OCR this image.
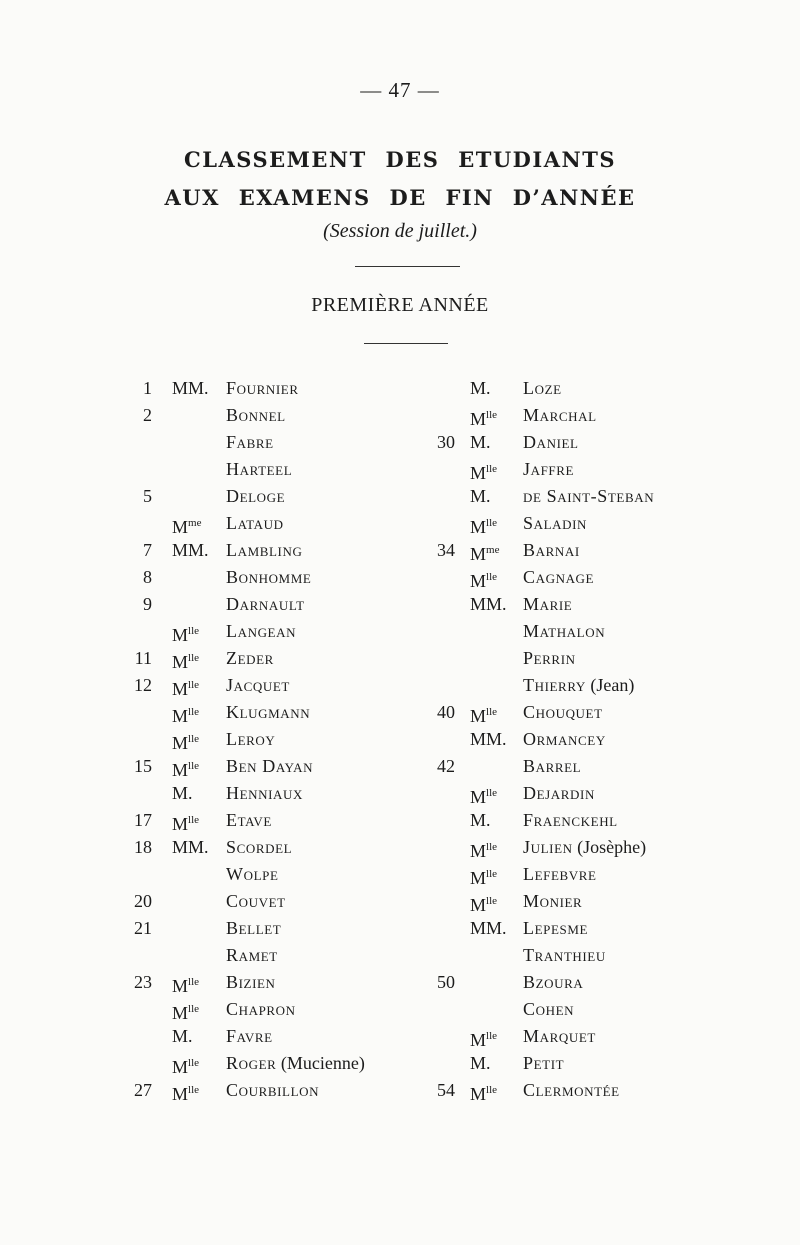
— 47 —
CLASSEMENT DES ETUDIANTS
AUX EXAMENS DE FIN D’ANNÉE
(Session de juillet.)
PREMIÈRE ANNÉE
1 MM. Fournier
2	Bonnel
Fabre
Harteel
5	Deloge
$M^{me}$ Lataud
7 MM. Lambling
8	Bonhomme
9	Darnault
$M^{lle}$ Langean
11 $M^{lle}$ Zeder
12 $M^{lle}$ Jacquet
$M^{lle}$ Klugmann
$M^{lle}$ Leroy
15 $M^{lle}$ Ben Dayan
M. Henniaux
17 $M^{lle}$ Etave
18 MM. Scordel
Wolpe
20	Couvet
21	Bellet
Ramet
23 $M^{lle}$ Bizien
$M^{lle}$ Chapron
M. Favre
$M^{lle}$ Roger (Mucienne)
27 $M^{lle}$ Courbillon
M. Loze
$M^{lle}$ Marchal
30 M. Daniel
$M^{lle}$ Jaffre
M. de Saint-Steban
$M^{lle}$ Saladin
34 $M^{me}$ Barnai
$M^{lle}$ Cagnage
MM. Marie
Mathalon
Perrin
Thierry (Jean)
40 $M^{lle}$ Chouquet
MM. Ormancey
42	Barrel
$M^{lle}$ Dejardin
M. Fraenckehl
$M^{lle}$ Julien (Josèphe)
$M^{lle}$ Lefebvre
$M^{lle}$ Monier
MM. Lepesme
Tranthieu
50	Bzoura
Cohen
$M^{lle}$ Marquet
M. Petit
54 $M^{lle}$ Clermontée
